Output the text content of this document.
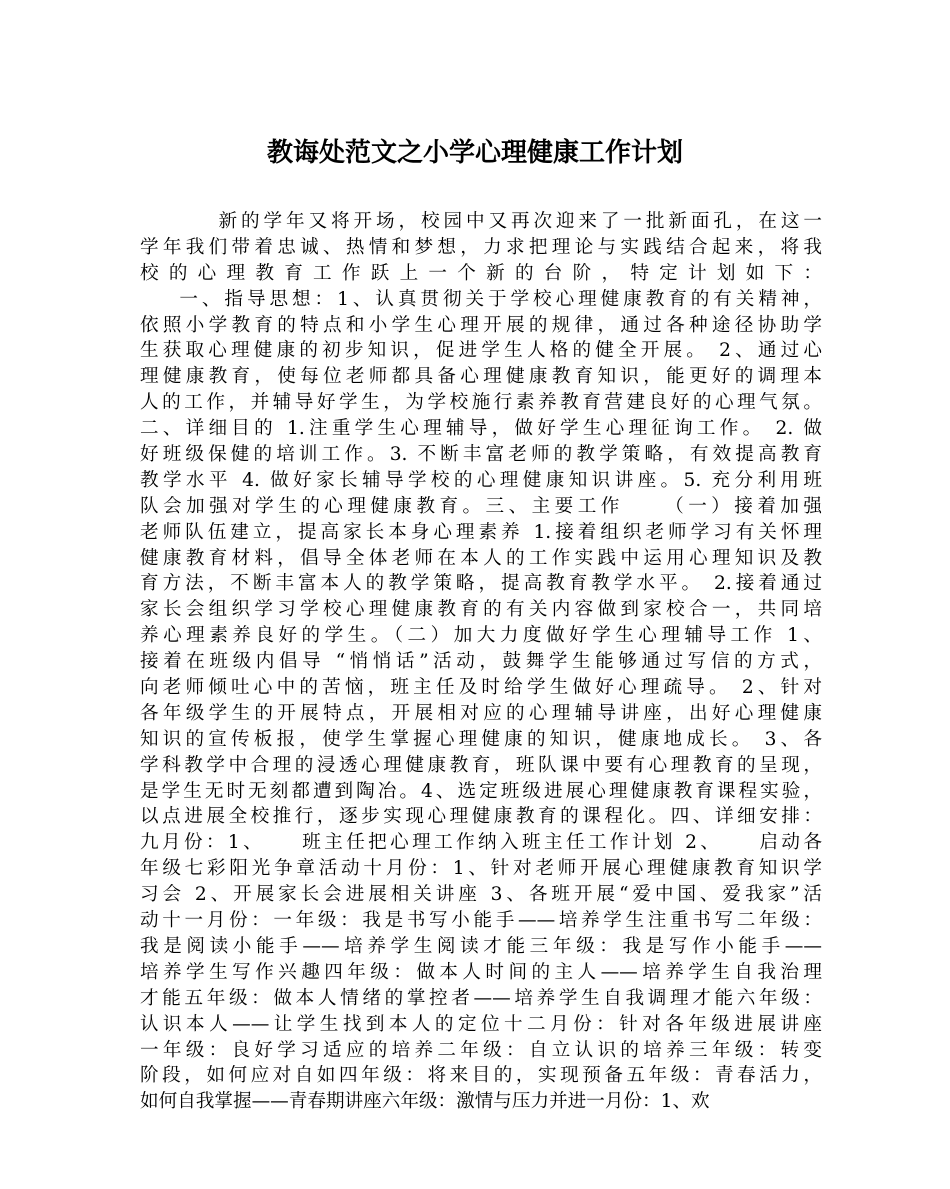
教诲处范文之小学心理健康工作计划
新的学年又将开场，校园中又再次迎来了一批新面孔，在这一
学年我们带着忠诚、热情和梦想，力求把理论与实践结合起来，将我
校的心理教育工作跃上一个新的台阶，特定计划如下：
一、指导思想：1、认真贯彻关于学校心理健康教育的有关精神，
依照小学教育的特点和小学生心理开展的规律，通过各种途径协助学
生获取心理健康的初步知识，促进学生人格的健全开展。 2、通过心
理健康教育，使每位老师都具备心理健康教育知识，能更好的调理本
人的工作，并辅导好学生，为学校施行素养教育营建良好的心理气氛。
二、详细目的 1.注重学生心理辅导，做好学生心理征询工作。 2. 做
好班级保健的培训工作。3. 不断丰富老师的教学策略，有效提高教育
教学水平 4. 做好家长辅导学校的心理健康知识讲座。5. 充分利用班
队会加强对学生的心理健康教育。三、主要工作    （一）接着加强
老师队伍建立，提高家长本身心理素养 1.接着组织老师学习有关怀理
健康教育材料，倡导全体老师在本人的工作实践中运用心理知识及教
育方法，不断丰富本人的教学策略，提高教育教学水平。 2.接着通过
家长会组织学习学校心理健康教育的有关内容做到家校合一，共同培
养心理素养良好的学生。（二）加大力度做好学生心理辅导工作 1、
接着在班级内倡导 “悄悄话”活动，鼓舞学生能够通过写信的方式，
向老师倾吐心中的苦恼，班主任及时给学生做好心理疏导。 2、针对
各年级学生的开展特点，开展相对应的心理辅导讲座，出好心理健康
知识的宣传板报，使学生掌握心理健康的知识，健康地成长。 3、各
学科教学中合理的浸透心理健康教育，班队课中要有心理教育的呈现，
是学生无时无刻都遭到陶冶。4、选定班级进展心理健康教育课程实验，
以点进展全校推行，逐步实现心理健康教育的课程化。四、详细安排：
九月份：1、    班主任把心理工作纳入班主任工作计划 2、    启动各
年级七彩阳光争章活动十月份：1、针对老师开展心理健康教育知识学
习会 2、开展家长会进展相关讲座 3、各班开展“爱中国、爱我家”活
动十一月份：一年级：我是书写小能手——培养学生注重书写二年级：
我是阅读小能手——培养学生阅读才能三年级：我是写作小能手——
培养学生写作兴趣四年级：做本人时间的主人——培养学生自我治理
才能五年级：做本人情绪的掌控者——培养学生自我调理才能六年级：
认识本人——让学生找到本人的定位十二月份：针对各年级进展讲座
一年级：良好学习适应的培养二年级：自立认识的培养三年级：转变
阶段，如何应对自如四年级：将来目的，实现预备五年级：青春活力，
如何自我掌握——青春期讲座六年级：激情与压力并进一月份：1、欢
